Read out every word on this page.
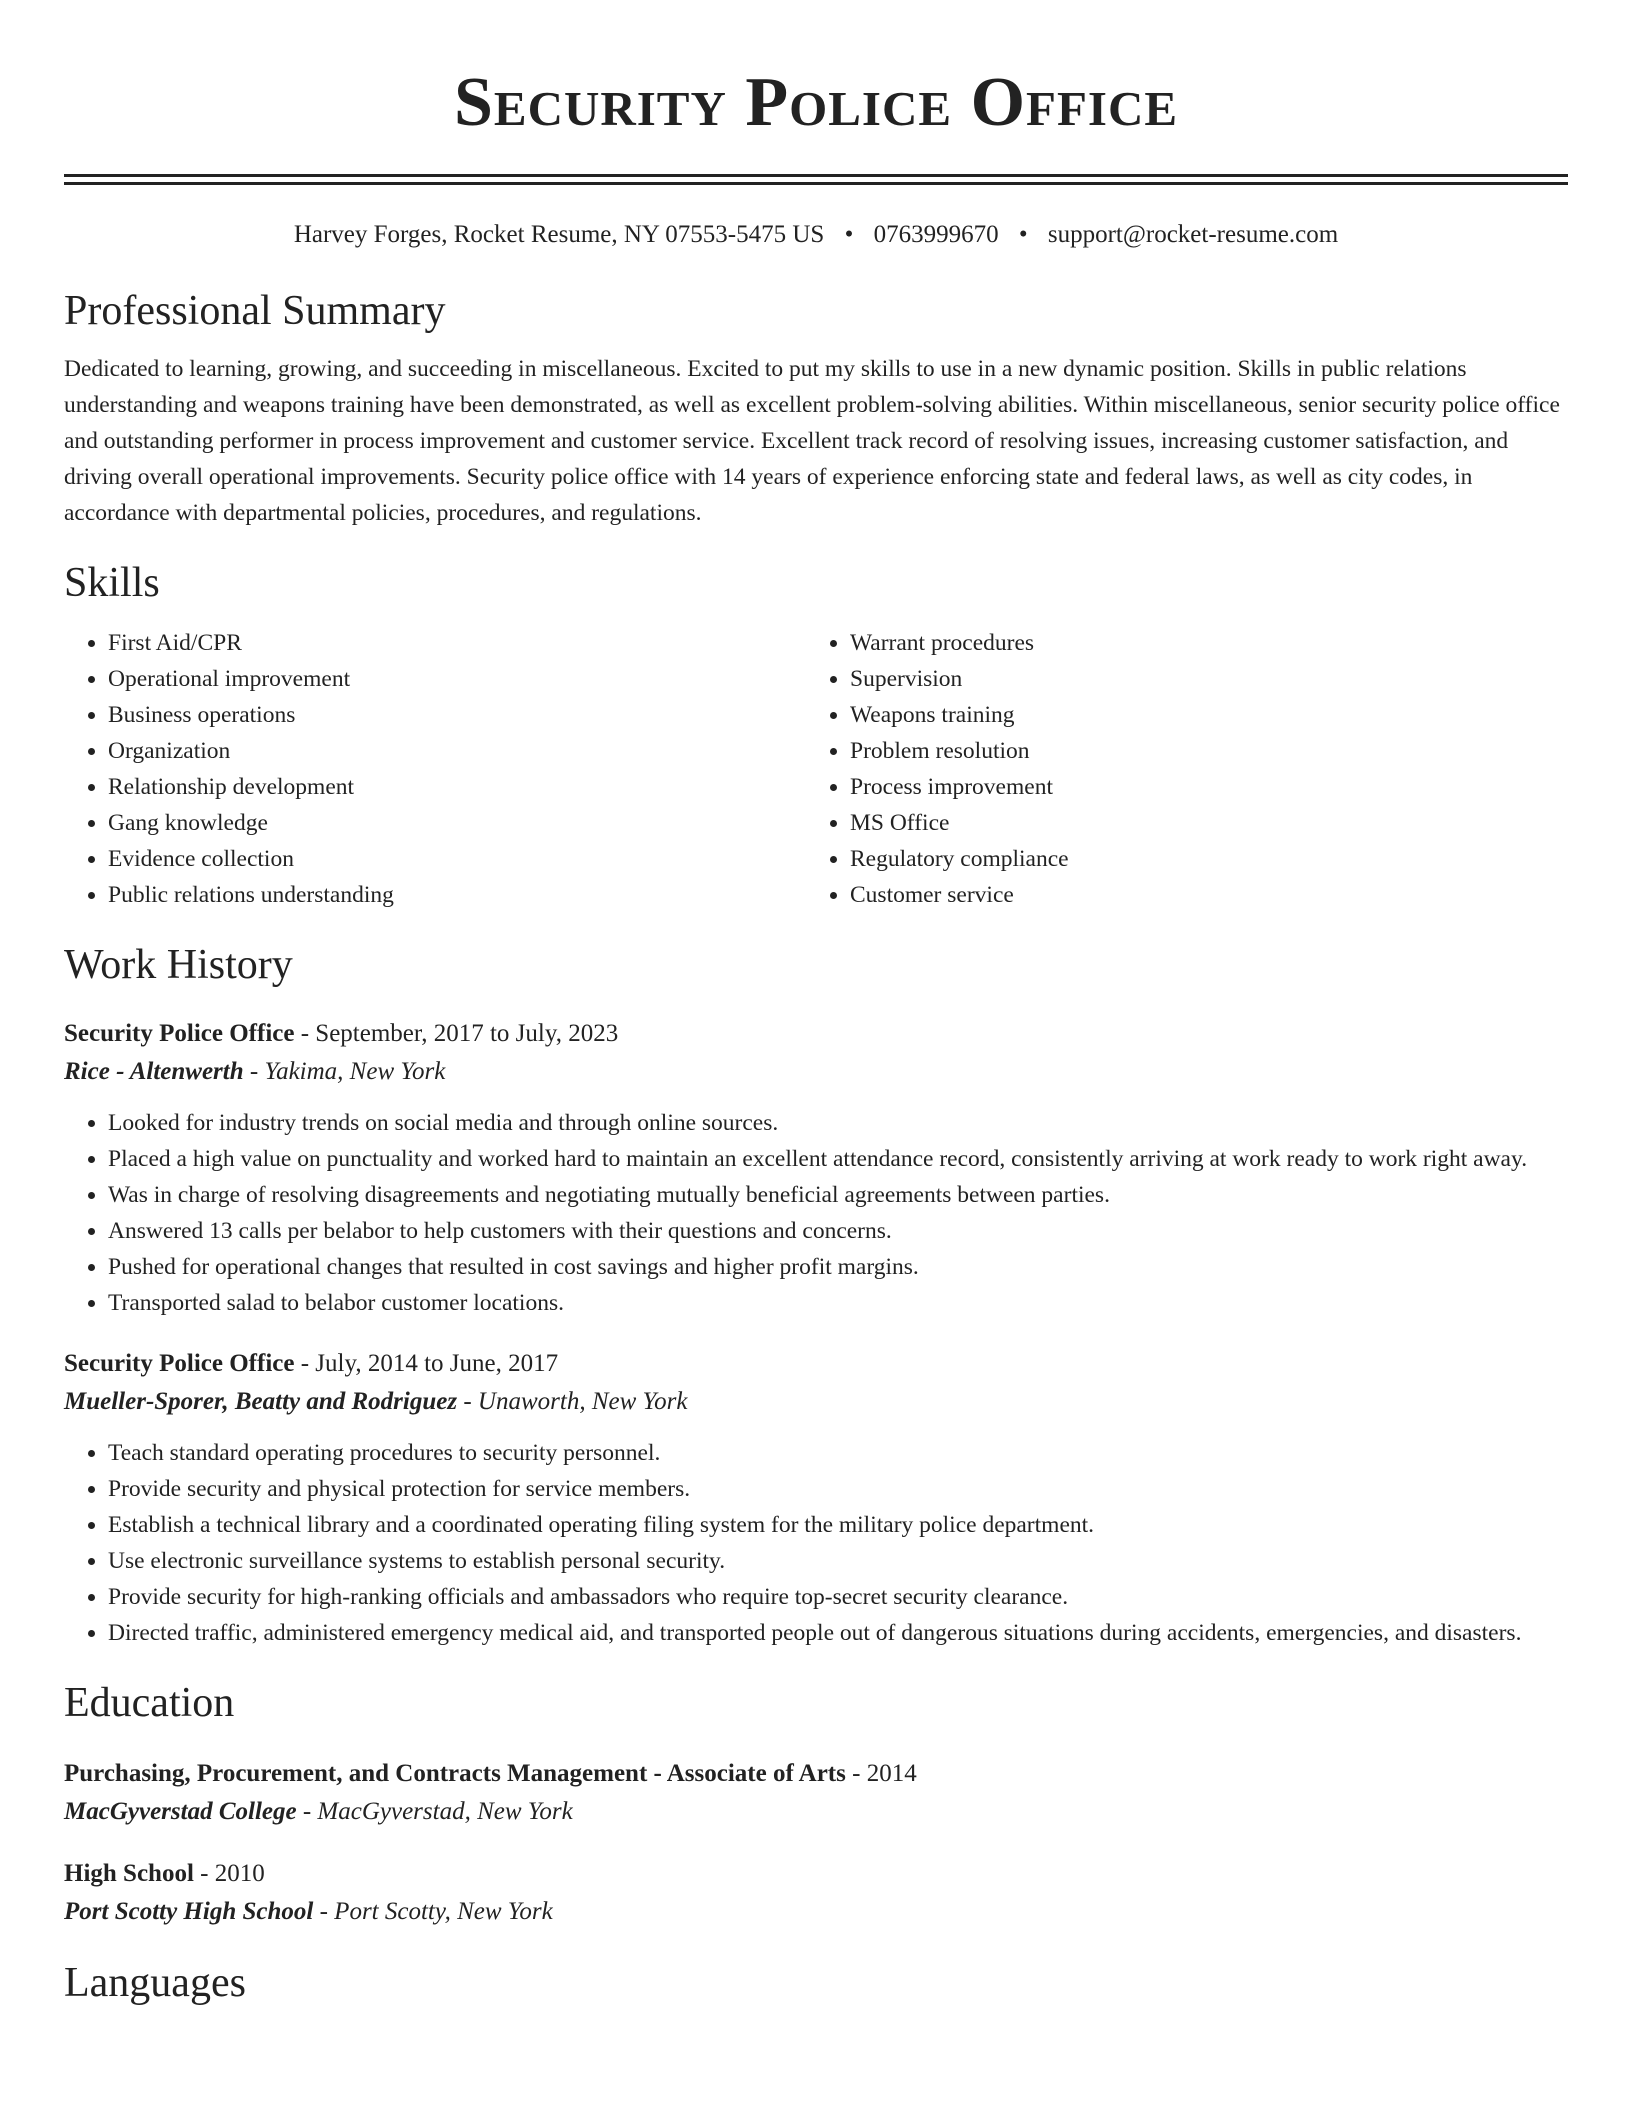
Security Police Office
Harvey Forges, Rocket Resume, NY 07553-5475 US • 0763999670 • support@rocket-resume.com
Professional Summary
Dedicated to learning, growing, and succeeding in miscellaneous. Excited to put my skills to use in a new dynamic position. Skills in public relations understanding and weapons training have been demonstrated, as well as excellent problem-solving abilities. Within miscellaneous, senior security police office and outstanding performer in process improvement and customer service. Excellent track record of resolving issues, increasing customer satisfaction, and driving overall operational improvements. Security police office with 14 years of experience enforcing state and federal laws, as well as city codes, in accordance with departmental policies, procedures, and regulations.
Skills
• First Aid/CPR
• Operational improvement
• Business operations
• Organization
• Relationship development
• Gang knowledge
• Evidence collection
• Public relations understanding
• Warrant procedures
• Supervision
• Weapons training
• Problem resolution
• Process improvement
• MS Office
• Regulatory compliance
• Customer service
Work History
Security Police Office - September, 2017 to July, 2023
Rice - Altenwerth - Yakima, New York
• Looked for industry trends on social media and through online sources.
• Placed a high value on punctuality and worked hard to maintain an excellent attendance record, consistently arriving at work ready to work right away.
• Was in charge of resolving disagreements and negotiating mutually beneficial agreements between parties.
• Answered 13 calls per belabor to help customers with their questions and concerns.
• Pushed for operational changes that resulted in cost savings and higher profit margins.
• Transported salad to belabor customer locations.
Security Police Office - July, 2014 to June, 2017
Mueller-Sporer, Beatty and Rodriguez - Unaworth, New York
• Teach standard operating procedures to security personnel.
• Provide security and physical protection for service members.
• Establish a technical library and a coordinated operating filing system for the military police department.
• Use electronic surveillance systems to establish personal security.
• Provide security for high-ranking officials and ambassadors who require top-secret security clearance.
• Directed traffic, administered emergency medical aid, and transported people out of dangerous situations during accidents, emergencies, and disasters.
Education
Purchasing, Procurement, and Contracts Management - Associate of Arts - 2014
MacGyverstad College - MacGyverstad, New York
High School - 2010
Port Scotty High School - Port Scotty, New York
Languages
